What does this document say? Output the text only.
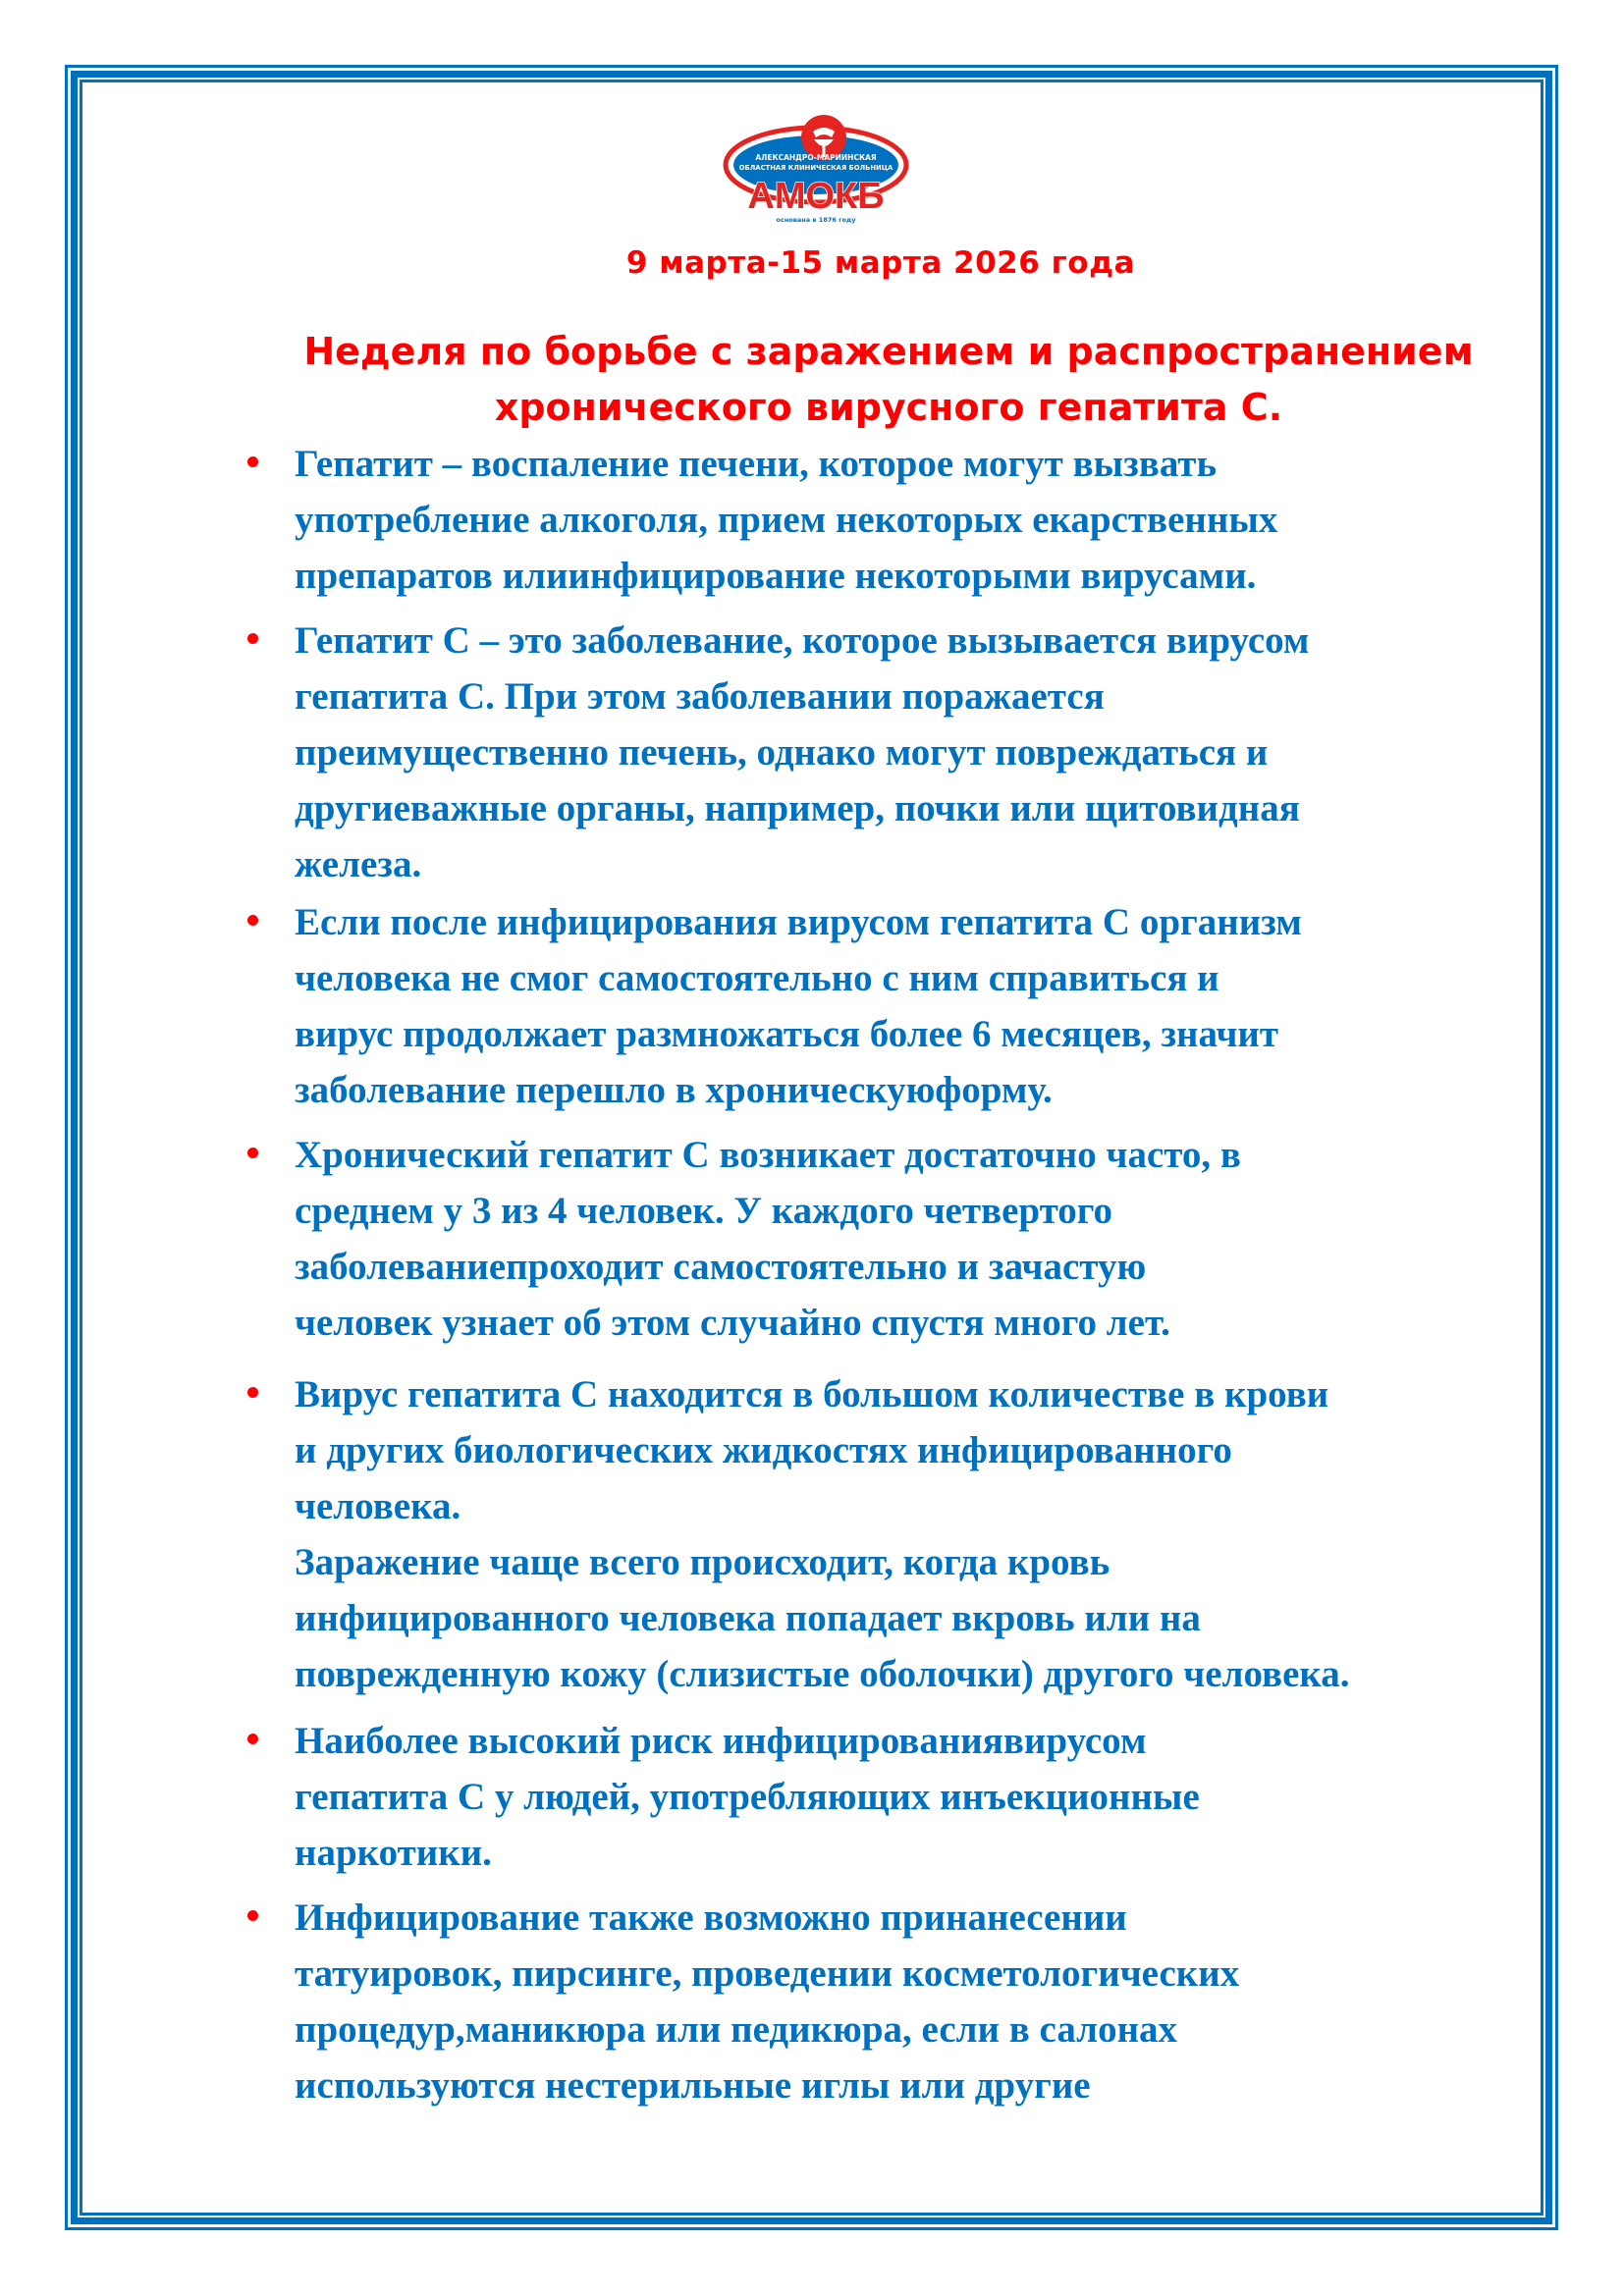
АЛЕКСАНДРО-МАРИИНСКАЯ
ОБЛАСТНАЯ КЛИНИЧЕСКАЯ БОЛЬНИЦА
АМОКБ
основана в 1876 году
9 марта-15 марта 2026 года
Неделя по борьбе с заражением и распространением
хронического вирусного гепатита С.
Гепатит – воспаление печени, которое могут вызвать
употребление алкоголя, прием некоторых екарственных
препаратов илиинфицирование некоторыми вирусами.
Гепатит С – это заболевание, которое вызывается вирусом
гепатита С. При этом заболевании поражается
преимущественно печень, однако могут повреждаться и
другиеважные органы, например, почки или щитовидная
железа.
Если после инфицирования вирусом гепатита С организм
человека не смог самостоятельно с ним справиться и
вирус продолжает размножаться более 6 месяцев, значит
заболевание перешло в хроническуюформу.
Хронический гепатит С возникает достаточно часто, в
среднем у 3 из 4 человек. У каждого четвертого
заболеваниепроходит самостоятельно и зачастую
человек узнает об этом случайно спустя много лет.
Вирус гепатита С находится в большом количестве в крови
и других биологических жидкостях инфицированного
человека.
Заражение чаще всего происходит, когда кровь
инфицированного человека попадает вкровь или на
поврежденную кожу (слизистые оболочки) другого человека.
Наиболее высокий риск инфицированиявирусом
гепатита С у людей, употребляющих инъекционные
наркотики.
Инфицирование также возможно принанесении
татуировок, пирсинге, проведении косметологических
процедур,маникюра или педикюра, если в салонах
используются нестерильные иглы или другие
